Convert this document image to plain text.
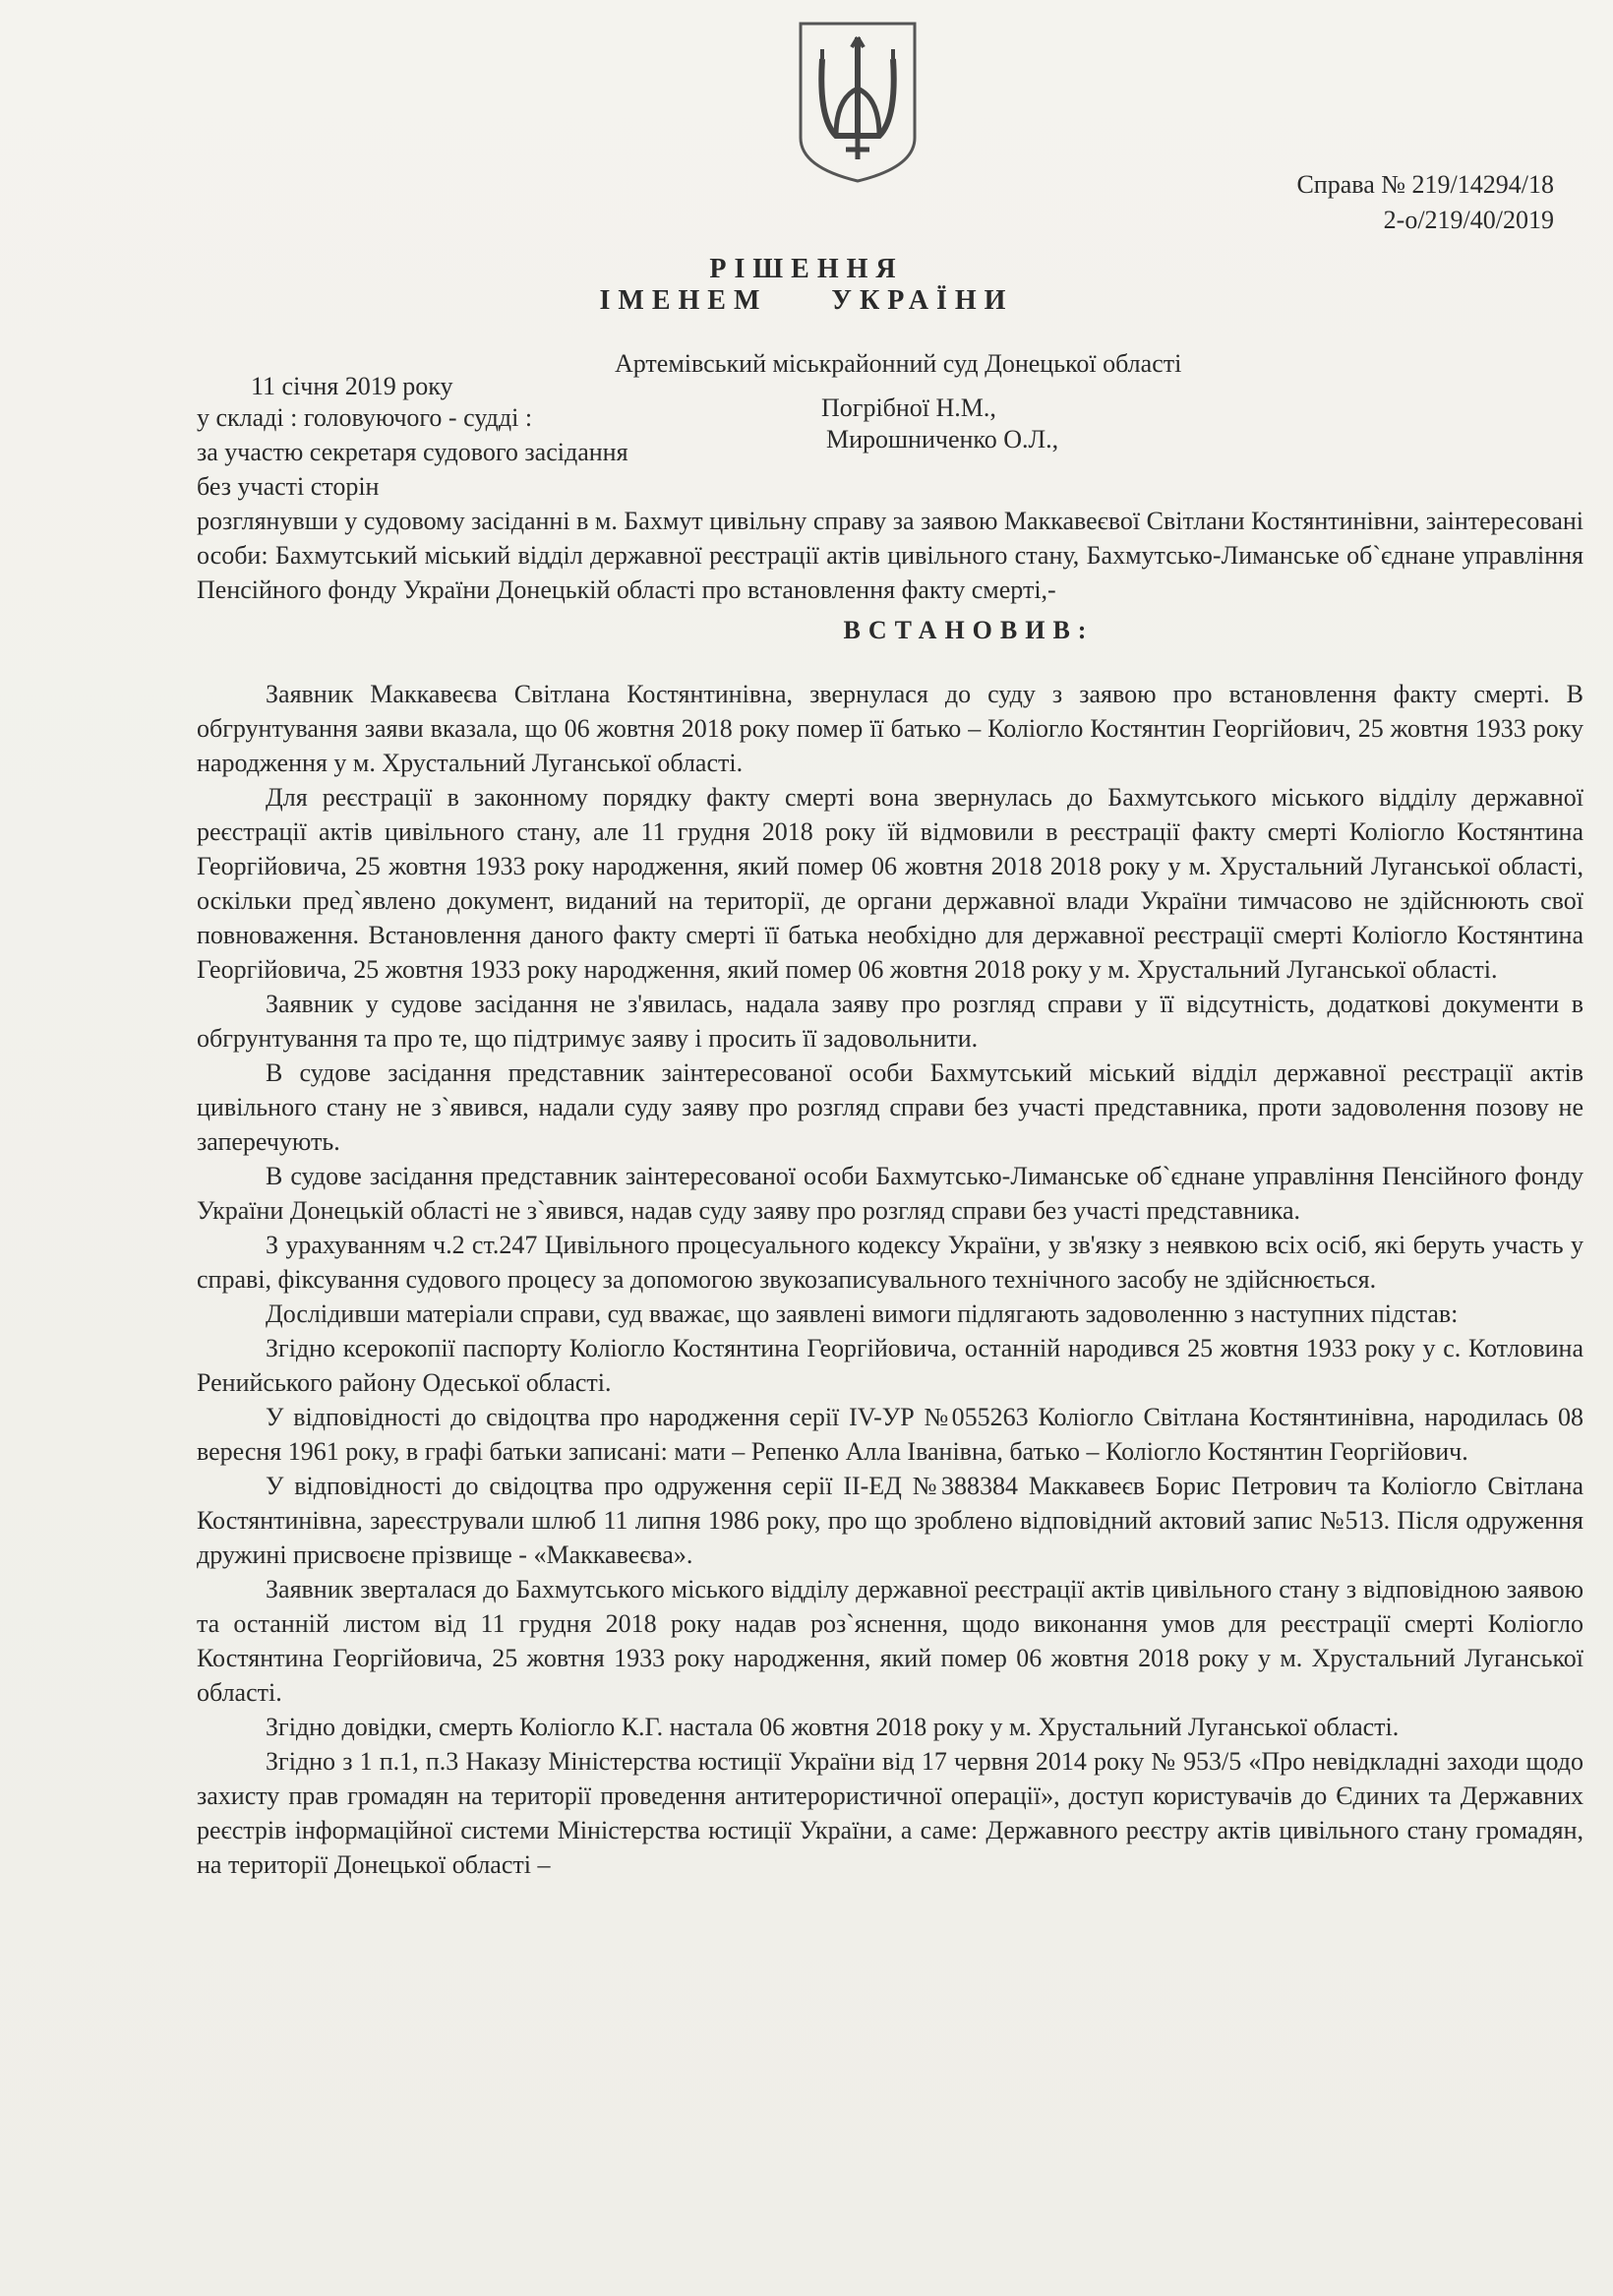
Справа № 219/14294/18
2-о/219/40/2019
РІШЕННЯ
ІМЕНЕМ УКРАЇНИ
11 січня 2019 року
Артемівський міськрайонний суд Донецької області
у складі : головуючого - судді :	Погрібної Н.М.,
за участю секретаря судового засідання	Мирошниченко О.Л.,
без участі сторін

розглянувши у судовому засіданні в м. Бахмут цивільну справу за заявою Маккавеєвої Світлани Костянтинівни, заінтересовані особи: Бахмутський міський відділ державної реєстрації актів цивільного стану, Бахмутсько-Лиманське об`єднане управління Пенсійного фонду України Донецькій області про встановлення факту смерті,-

ВСТАНОВИВ:

Заявник Маккавеєва Світлана Костянтинівна, звернулася до суду з заявою про встановлення факту смерті. В обгрунтування заяви вказала, що 06 жовтня 2018 року помер її батько – Коліогло Костянтин Георгійович, 25 жовтня 1933 року народження у м. Хрустальний Луганської області.

Для реєстрації в законному порядку факту смерті вона звернулась до Бахмутського міського відділу державної реєстрації актів цивільного стану, але 11 грудня 2018 року їй відмовили в реєстрації факту смерті Коліогло Костянтина Георгійовича, 25 жовтня 1933 року народження, який помер 06 жовтня 2018 2018 року у м. Хрустальний Луганської області, оскільки пред`явлено документ, виданий на території, де органи державної влади України тимчасово не здійснюють свої повноваження. Встановлення даного факту смерті її батька необхідно для державної реєстрації смерті Коліогло Костянтина Георгійовича, 25 жовтня 1933 року народження, який помер 06 жовтня 2018 року у м. Хрустальний Луганської області.

Заявник у судове засідання не з'явилась, надала заяву про розгляд справи у її відсутність, додаткові документи в обгрунтування та про те, що підтримує заяву і просить її задовольнити.

В судове засідання представник заінтересованої особи Бахмутський міський відділ державної реєстрації актів цивільного стану не з`явився, надали суду заяву про розгляд справи без участі представника, проти задоволення позову не заперечують.

В судове засідання представник заінтересованої особи Бахмутсько-Лиманське об`єднане управління Пенсійного фонду України Донецькій області не з`явився, надав суду заяву про розгляд справи без участі представника.

З урахуванням ч.2 ст.247 Цивільного процесуального кодексу України, у зв'язку з неявкою всіх осіб, які беруть участь у справі, фіксування судового процесу за допомогою звукозаписувального технічного засобу не здійснюється.

Дослідивши матеріали справи, суд вважає, що заявлені вимоги підлягають задоволенню з наступних підстав:

Згідно ксерокопії паспорту Коліогло Костянтина Георгійовича, останній народився 25 жовтня 1933 року у с. Котловина Ренийського району Одеської області.

У відповідності до свідоцтва про народження серії IV-УР №055263 Коліогло Світлана Костянтинівна, народилась 08 вересня 1961 року, в графі батьки записані: мати – Репенко Алла Іванівна, батько – Коліогло Костянтин Георгійович.

У відповідності до свідоцтва про одруження серії II-ЕД №388384 Маккавеєв Борис Петрович та Коліогло Світлана Костянтинівна, зареєстрували шлюб 11 липня 1986 року, про що зроблено відповідний актовий запис №513. Після одруження дружині присвоєне прізвище - «Маккавеєва».

Заявник зверталася до Бахмутського міського відділу державної реєстрації актів цивільного стану з відповідною заявою та останній листом від 11 грудня 2018 року надав роз`яснення, щодо виконання умов для реєстрації смерті Коліогло Костянтина Георгійовича, 25 жовтня 1933 року народження, який помер 06 жовтня 2018 року у м. Хрустальний Луганської області.

Згідно довідки, смерть Коліогло К.Г. настала 06 жовтня 2018 року у м. Хрустальний Луганської області.

Згідно з 1 п.1, п.3 Наказу Міністерства юстиції України від 17 червня 2014 року № 953/5 «Про невідкладні заходи щодо захисту прав громадян на території проведення антитерористичної операції», доступ користувачів до Єдиних та Державних реєстрів інформаційної системи Міністерства юстиції України, а саме: Державного реєстру актів цивільного стану громадян, на території Донецької області –
